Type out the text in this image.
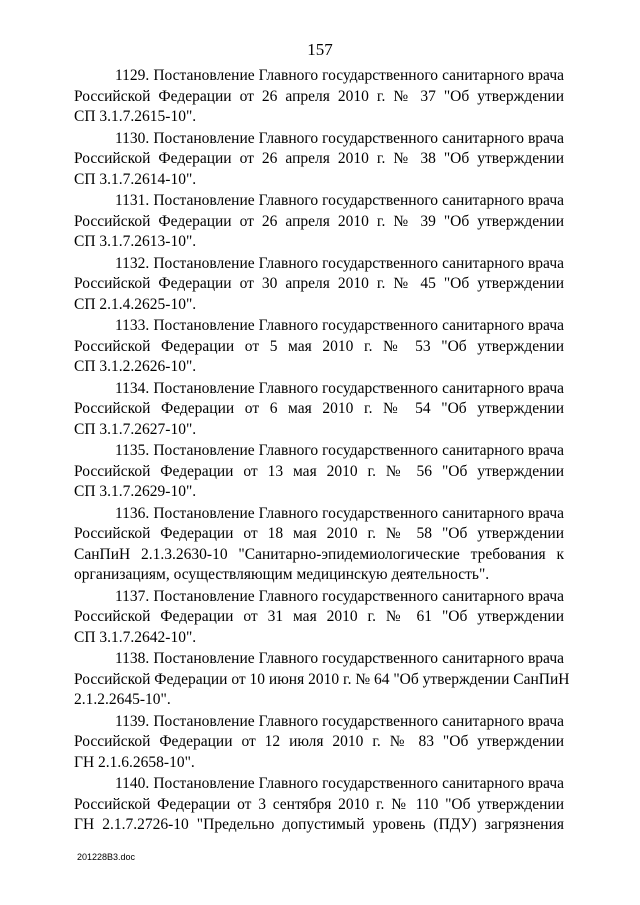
157
1129. Постановление Главного государственного санитарного врача
Российской Федерации от 26 апреля 2010 г. № 37 "Об утверждении
СП 3.1.7.2615-10".
1130. Постановление Главного государственного санитарного врача
Российской Федерации от 26 апреля 2010 г. № 38 "Об утверждении
СП 3.1.7.2614-10".
1131. Постановление Главного государственного санитарного врача
Российской Федерации от 26 апреля 2010 г. № 39 "Об утверждении
СП 3.1.7.2613-10".
1132. Постановление Главного государственного санитарного врача
Российской Федерации от 30 апреля 2010 г. № 45 "Об утверждении
СП 2.1.4.2625-10".
1133. Постановление Главного государственного санитарного врача
Российской Федерации от 5 мая 2010 г. № 53 "Об утверждении
СП 3.1.2.2626-10".
1134. Постановление Главного государственного санитарного врача
Российской Федерации от 6 мая 2010 г. № 54 "Об утверждении
СП 3.1.7.2627-10".
1135. Постановление Главного государственного санитарного врача
Российской Федерации от 13 мая 2010 г. № 56 "Об утверждении
СП 3.1.7.2629-10".
1136. Постановление Главного государственного санитарного врача
Российской Федерации от 18 мая 2010 г. № 58 "Об утверждении
СанПиН 2.1.3.2630-10 "Санитарно-эпидемиологические требования к
организациям, осуществляющим медицинскую деятельность".
1137. Постановление Главного государственного санитарного врача
Российской Федерации от 31 мая 2010 г. № 61 "Об утверждении
СП 3.1.7.2642-10".
1138. Постановление Главного государственного санитарного врача
Российской Федерации от 10 июня 2010 г. № 64 "Об утверждении СанПиН
2.1.2.2645-10".
1139. Постановление Главного государственного санитарного врача
Российской Федерации от 12 июля 2010 г. № 83 "Об утверждении
ГН 2.1.6.2658-10".
1140. Постановление Главного государственного санитарного врача
Российской Федерации от 3 сентября 2010 г. № 110 "Об утверждении
ГН 2.1.7.2726-10 "Предельно допустимый уровень (ПДУ) загрязнения
201228B3.doc
